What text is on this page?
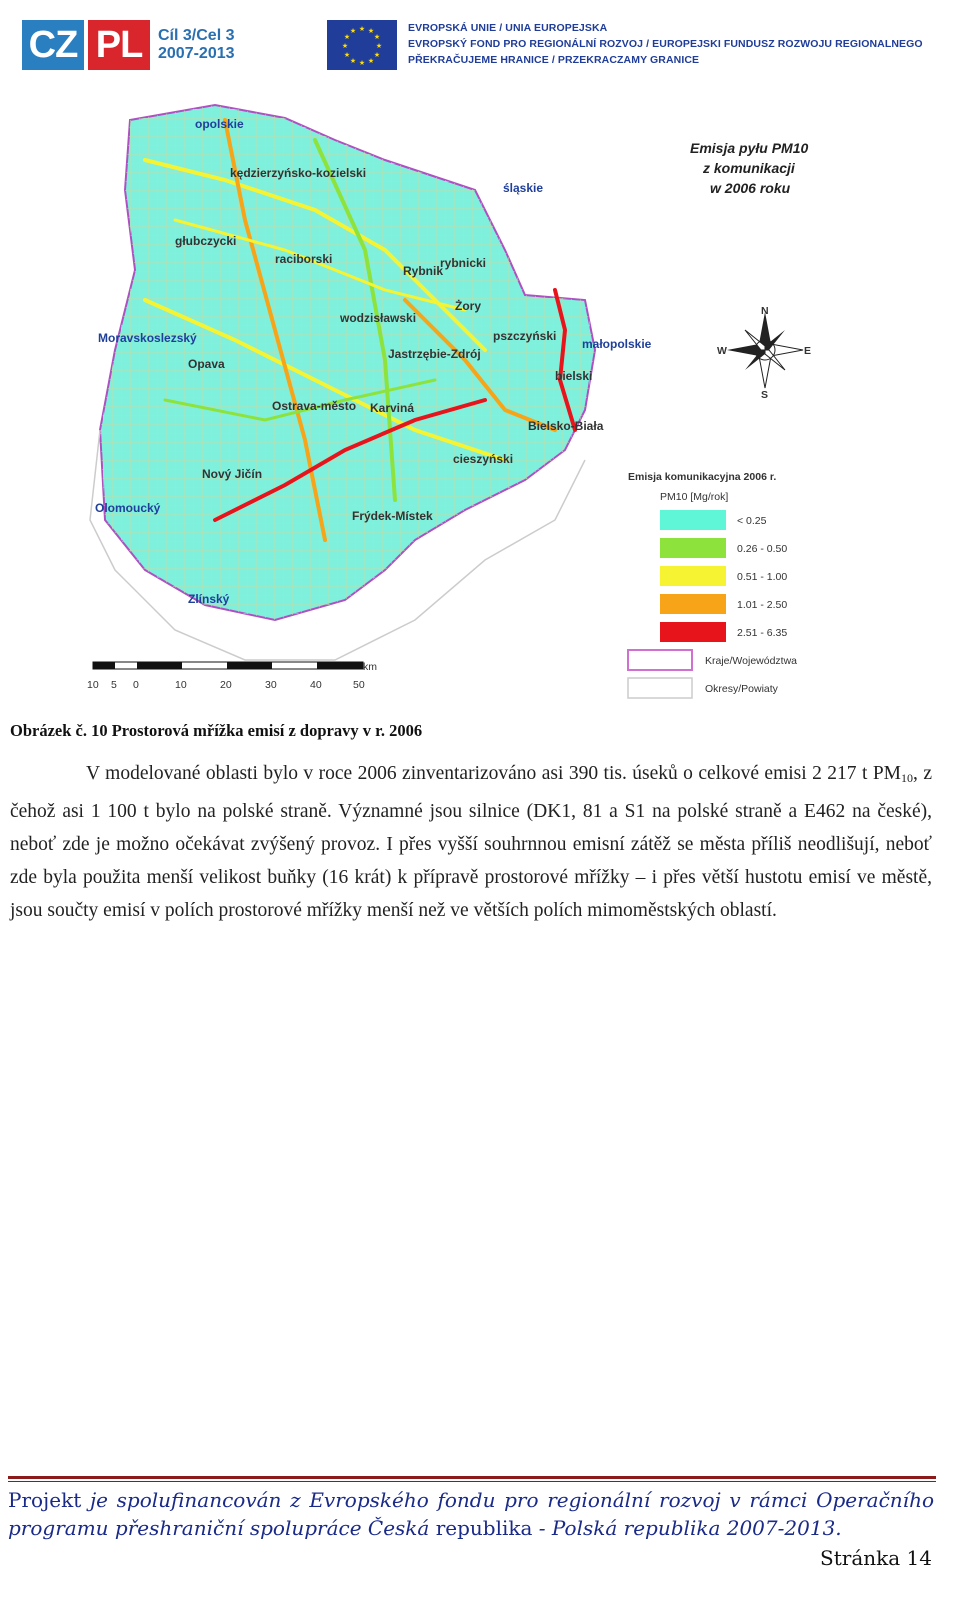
CZ PL Cíl 3/Cel 3
2007-2013
★ ★
★
★
★
★
★
★
★
★
★
★	EVROPSKÁ UNIE / UNIA EUROPEJSKA
EVROPSKÝ FOND PRO REGIONÁLNÍ ROZVOJ / EUROPEJSKI FUNDUSZ ROZWOJU REGIONALNEGO
PŘEKRAČUJEME HRANICE / PRZEKRACZAMY GRANICE
opolskie
kędzierzyńsko-kozielski
śląskie
głubczycki
raciborski
Rybnik
rybnicki
Żory
wodzisławski
pszczyński
Moravskoslezský
Jastrzębie-Zdrój
małopolskie
Opava
bielski
Ostrava-město Karviná
Bielsko-Biała
cieszyński
Nový Jičín
Olomoucký
Frýdek-Místek
Zlínský
Emisja pyłu PM10
z komunikacji
w 2006 roku
N
S
E
W
Emisja komunikacyjna 2006 r.
PM10 [Mg/rok]
< 0.25
0.26 - 0.50
0.51 - 1.00
1.01 - 2.50
2.51 - 6.35
Kraje/Województwa
Okresy/Powiaty
km
10 5 0	10	20	30	40	50
Obrázek č. 10 Prostorová mřížka emisí z dopravy v r. 2006

V modelované oblasti bylo v roce 2006 zinventarizováno asi 390 tis. úseků o celkové emisi 2 217 t $PM_{10}$, z čehož asi 1 100 t bylo na polské straně. Významné jsou silnice (DK1, 81 a S1 na polské straně a E462 na české), neboť zde je možno očekávat zvýšený provoz. I přes vyšší souhrnnou emisní zátěž se města příliš neodlišují, neboť zde byla použita menší velikost buňky (16 krát) k přípravě prostorové mřížky – i přes větší hustotu emisí ve městě, jsou součty emisí v polích prostorové mřížky menší než ve větších polích mimoměstských oblastí.

Projekt je spolufinancován z Evropského fondu pro regionální rozvoj v rámci Operačního programu přeshraniční spolupráce Česká republika - Polská republika 2007-2013.
Stránka 14
